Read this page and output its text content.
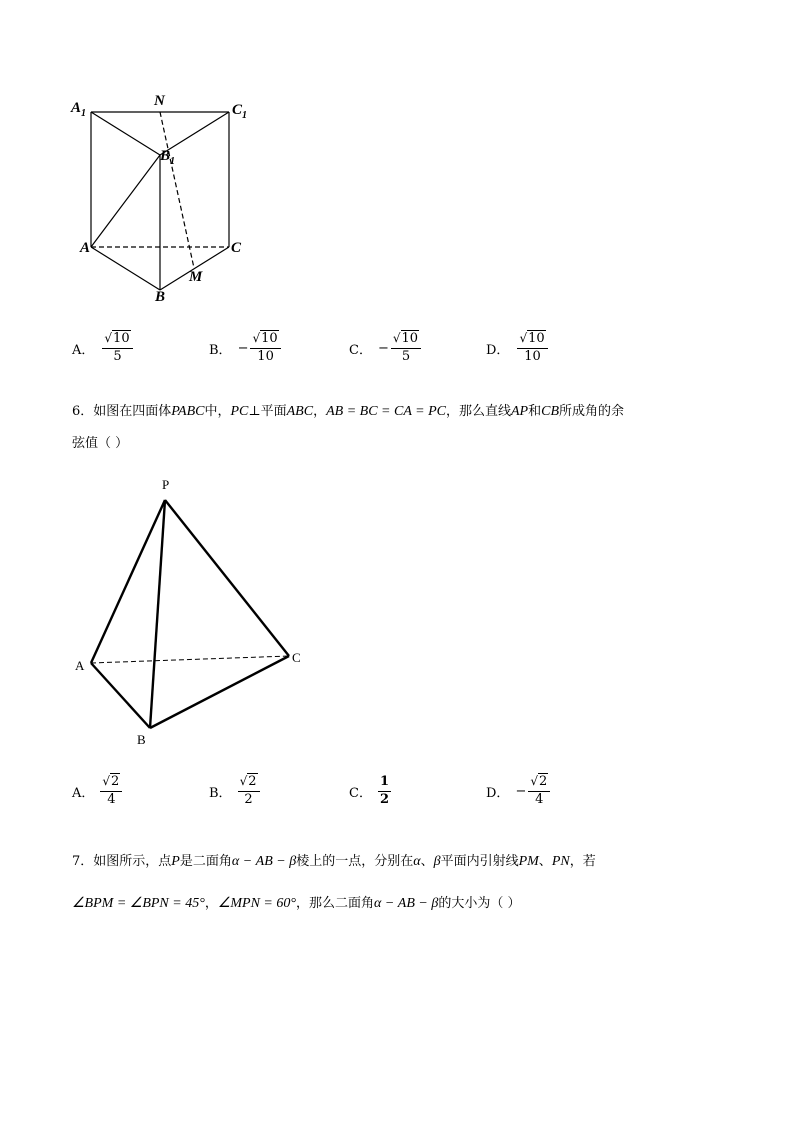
$A_1$
N
$C_1$
$B_1$
A	C
M
B
A． $\frac{√10}{5}$	B． − $\frac{√10}{10}$	C． − $\frac{√10}{5}$	D． $\frac{√10}{10}$
6．如图在四面体PABC中，PC⊥平面ABC，AB = BC = CA = PC，那么直线AP和CB所成角的余
弦值（ ）
P
A
B
C
A． $\frac{√2}{4}$	B． $\frac{√2}{2}$	C． $\frac{1}{2}$	D． − $\frac{√2}{4}$
7．如图所示，点P是二面角α − AB − β棱上的一点，分别在α、β平面内引射线PM、PN，若
∠BPM = ∠BPN = 45°，∠MPN = 60°，那么二面角α − AB − β的大小为（ ）
